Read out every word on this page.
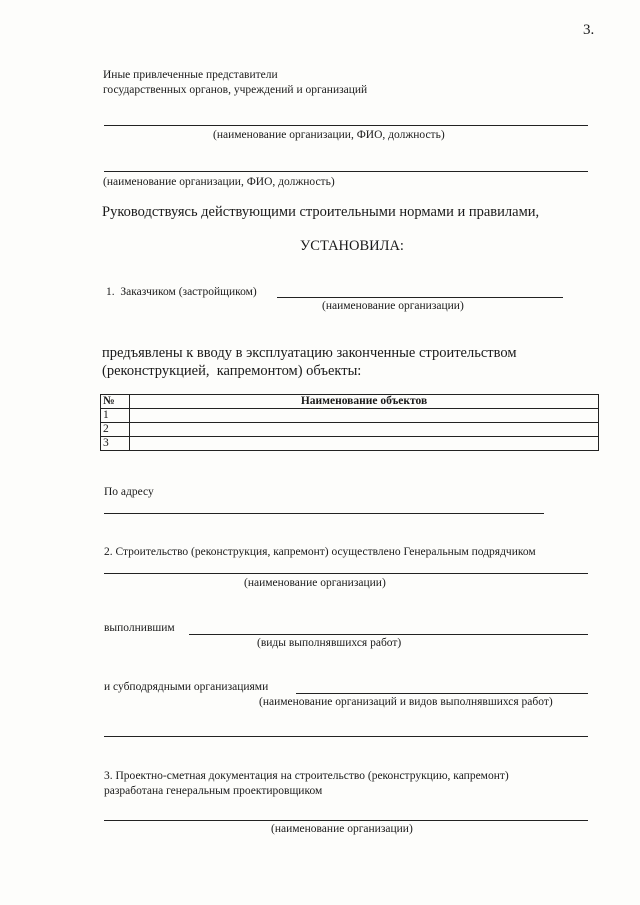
3.
Иные привлеченные представители
государственных органов, учреждений и организаций
(наименование организации, ФИО, должность)
(наименование организации, ФИО, должность)
Руководствуясь действующими строительными нормами и правилами,
УСТАНОВИЛА:
1.  Заказчиком (застройщиком)
(наименование организации)
предъявлены к вводу в эксплуатацию законченные строительством
(реконструкцией,  капремонтом) объекты:
№	Наименование объектов
1	
2	
3	
По адресу
2. Строительство (реконструкция, капремонт) осуществлено Генеральным подрядчиком
(наименование организации)
выполнившим
(виды выполнявшихся работ)
и субподрядными организациями
(наименование организаций и видов выполнявшихся работ)
3. Проектно-сметная документация на строительство (реконструкцию, капремонт)
разработана генеральным проектировщиком
(наименование организации)
